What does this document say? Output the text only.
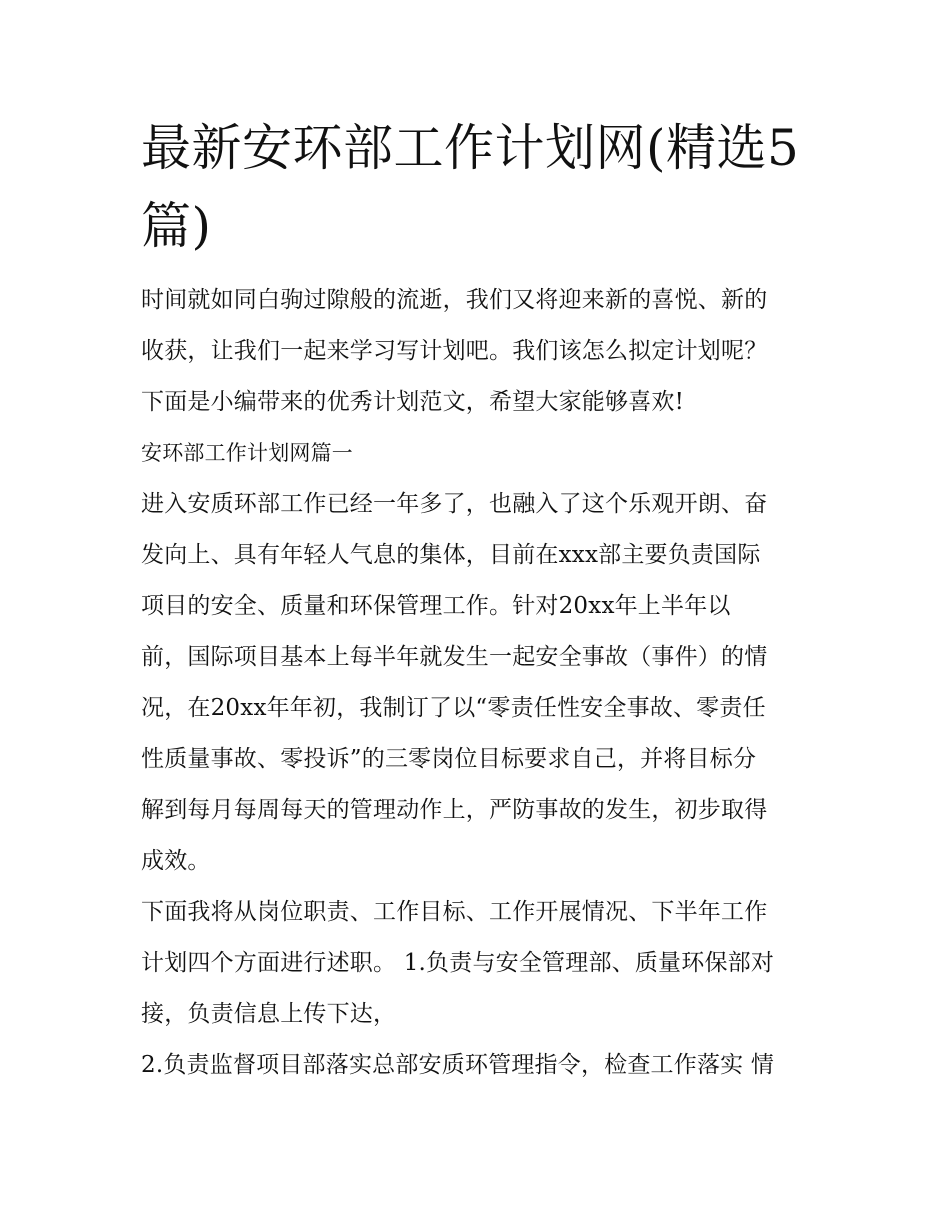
最新安环部工作计划网(精选5
篇)
时间就如同白驹过隙般的流逝，我们又将迎来新的喜悦、新的
收获，让我们一起来学习写计划吧。我们该怎么拟定计划呢？
下面是小编带来的优秀计划范文，希望大家能够喜欢!
安环部工作计划网篇一
进入安质环部工作已经一年多了，也融入了这个乐观开朗、奋
发向上、具有年轻人气息的集体，目前在xxx部主要负责国际
项目的安全、质量和环保管理工作。针对20xx年上半年以
前，国际项目基本上每半年就发生一起安全事故（事件）的情
况，在20xx年年初，我制订了以“零责任性安全事故、零责任
性质量事故、零投诉”的三零岗位目标要求自己，并将目标分
解到每月每周每天的管理动作上，严防事故的发生，初步取得
成效。
下面我将从岗位职责、工作目标、工作开展情况、下半年工作
计划四个方面进行述职。 1.负责与安全管理部、质量环保部对
接，负责信息上传下达，
2.负责监督项目部落实总部安质环管理指令，检查工作落实 情
